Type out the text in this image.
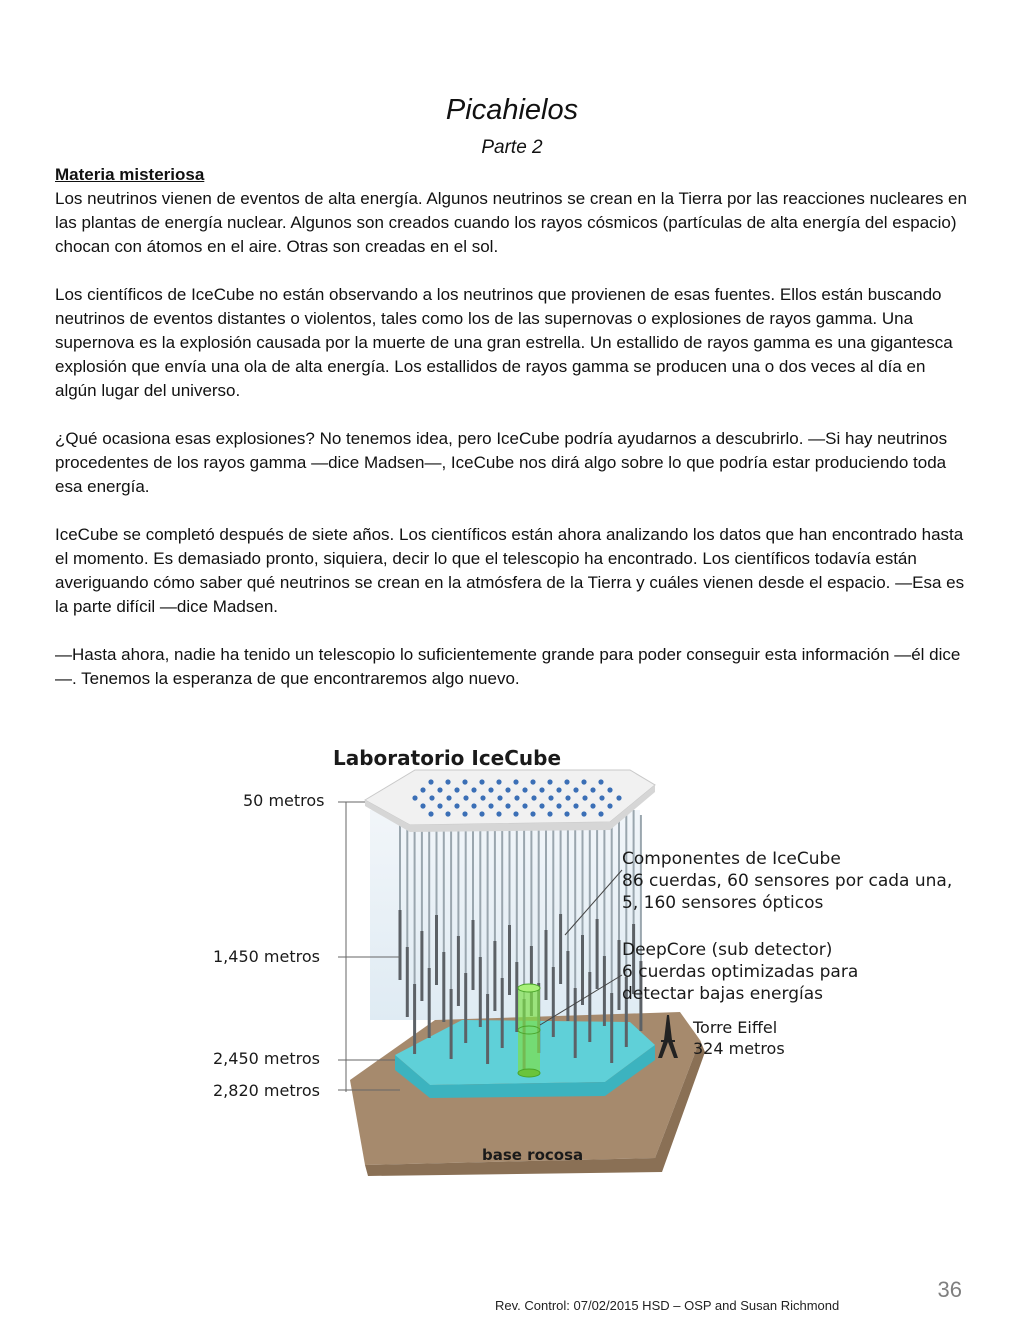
Picahielos
Parte 2
Materia misteriosa

Los neutrinos vienen de eventos de alta energía. Algunos neutrinos se crean en la Tierra por las reacciones nucleares en las plantas de energía nuclear. Algunos son creados cuando los rayos cósmicos (partículas de alta energía del espacio) chocan con átomos en el aire. Otras son creadas en el sol.

Los científicos de IceCube no están observando a los neutrinos que provienen de esas fuentes. Ellos están buscando neutrinos de eventos distantes o violentos, tales como los de las supernovas o explosiones de rayos gamma. Una supernova es la explosión causada por la muerte de una gran estrella. Un estallido de rayos gamma es una gigantesca explosión que envía una ola de alta energía. Los estallidos de rayos gamma se producen una o dos veces al día en algún lugar del universo.

¿Qué ocasiona esas explosiones? No tenemos idea, pero IceCube podría ayudarnos a descubrirlo. —Si hay neutrinos procedentes de los rayos gamma —dice Madsen—, IceCube nos dirá algo sobre lo que podría estar produciendo toda esa energía.

IceCube se completó después de siete años. Los científicos están ahora analizando los datos que han encontrado hasta el momento. Es demasiado pronto, siquiera, decir lo que el telescopio ha encontrado. Los científicos todavía están averiguando cómo saber qué neutrinos se crean en la atmósfera de la Tierra y cuáles vienen desde el espacio. —Esa es la parte difícil —dice Madsen.

—Hasta ahora, nadie ha tenido un telescopio lo suficientemente grande para poder conseguir esta información —él dice—. Tenemos la esperanza de que encontraremos algo nuevo.

Laboratorio IceCube
50 metros
1,450 metros
2,450 metros
2,820 metros
Componentes de IceCube
86 cuerdas, 60 sensores por cada una,
5, 160 sensores ópticos
DeepCore (sub detector)
6 cuerdas optimizadas para
detectar bajas energías
Torre Eiffel
324 metros
base rocosa
36
Rev. Control: 07/02/2015 HSD – OSP and Susan Richmond
